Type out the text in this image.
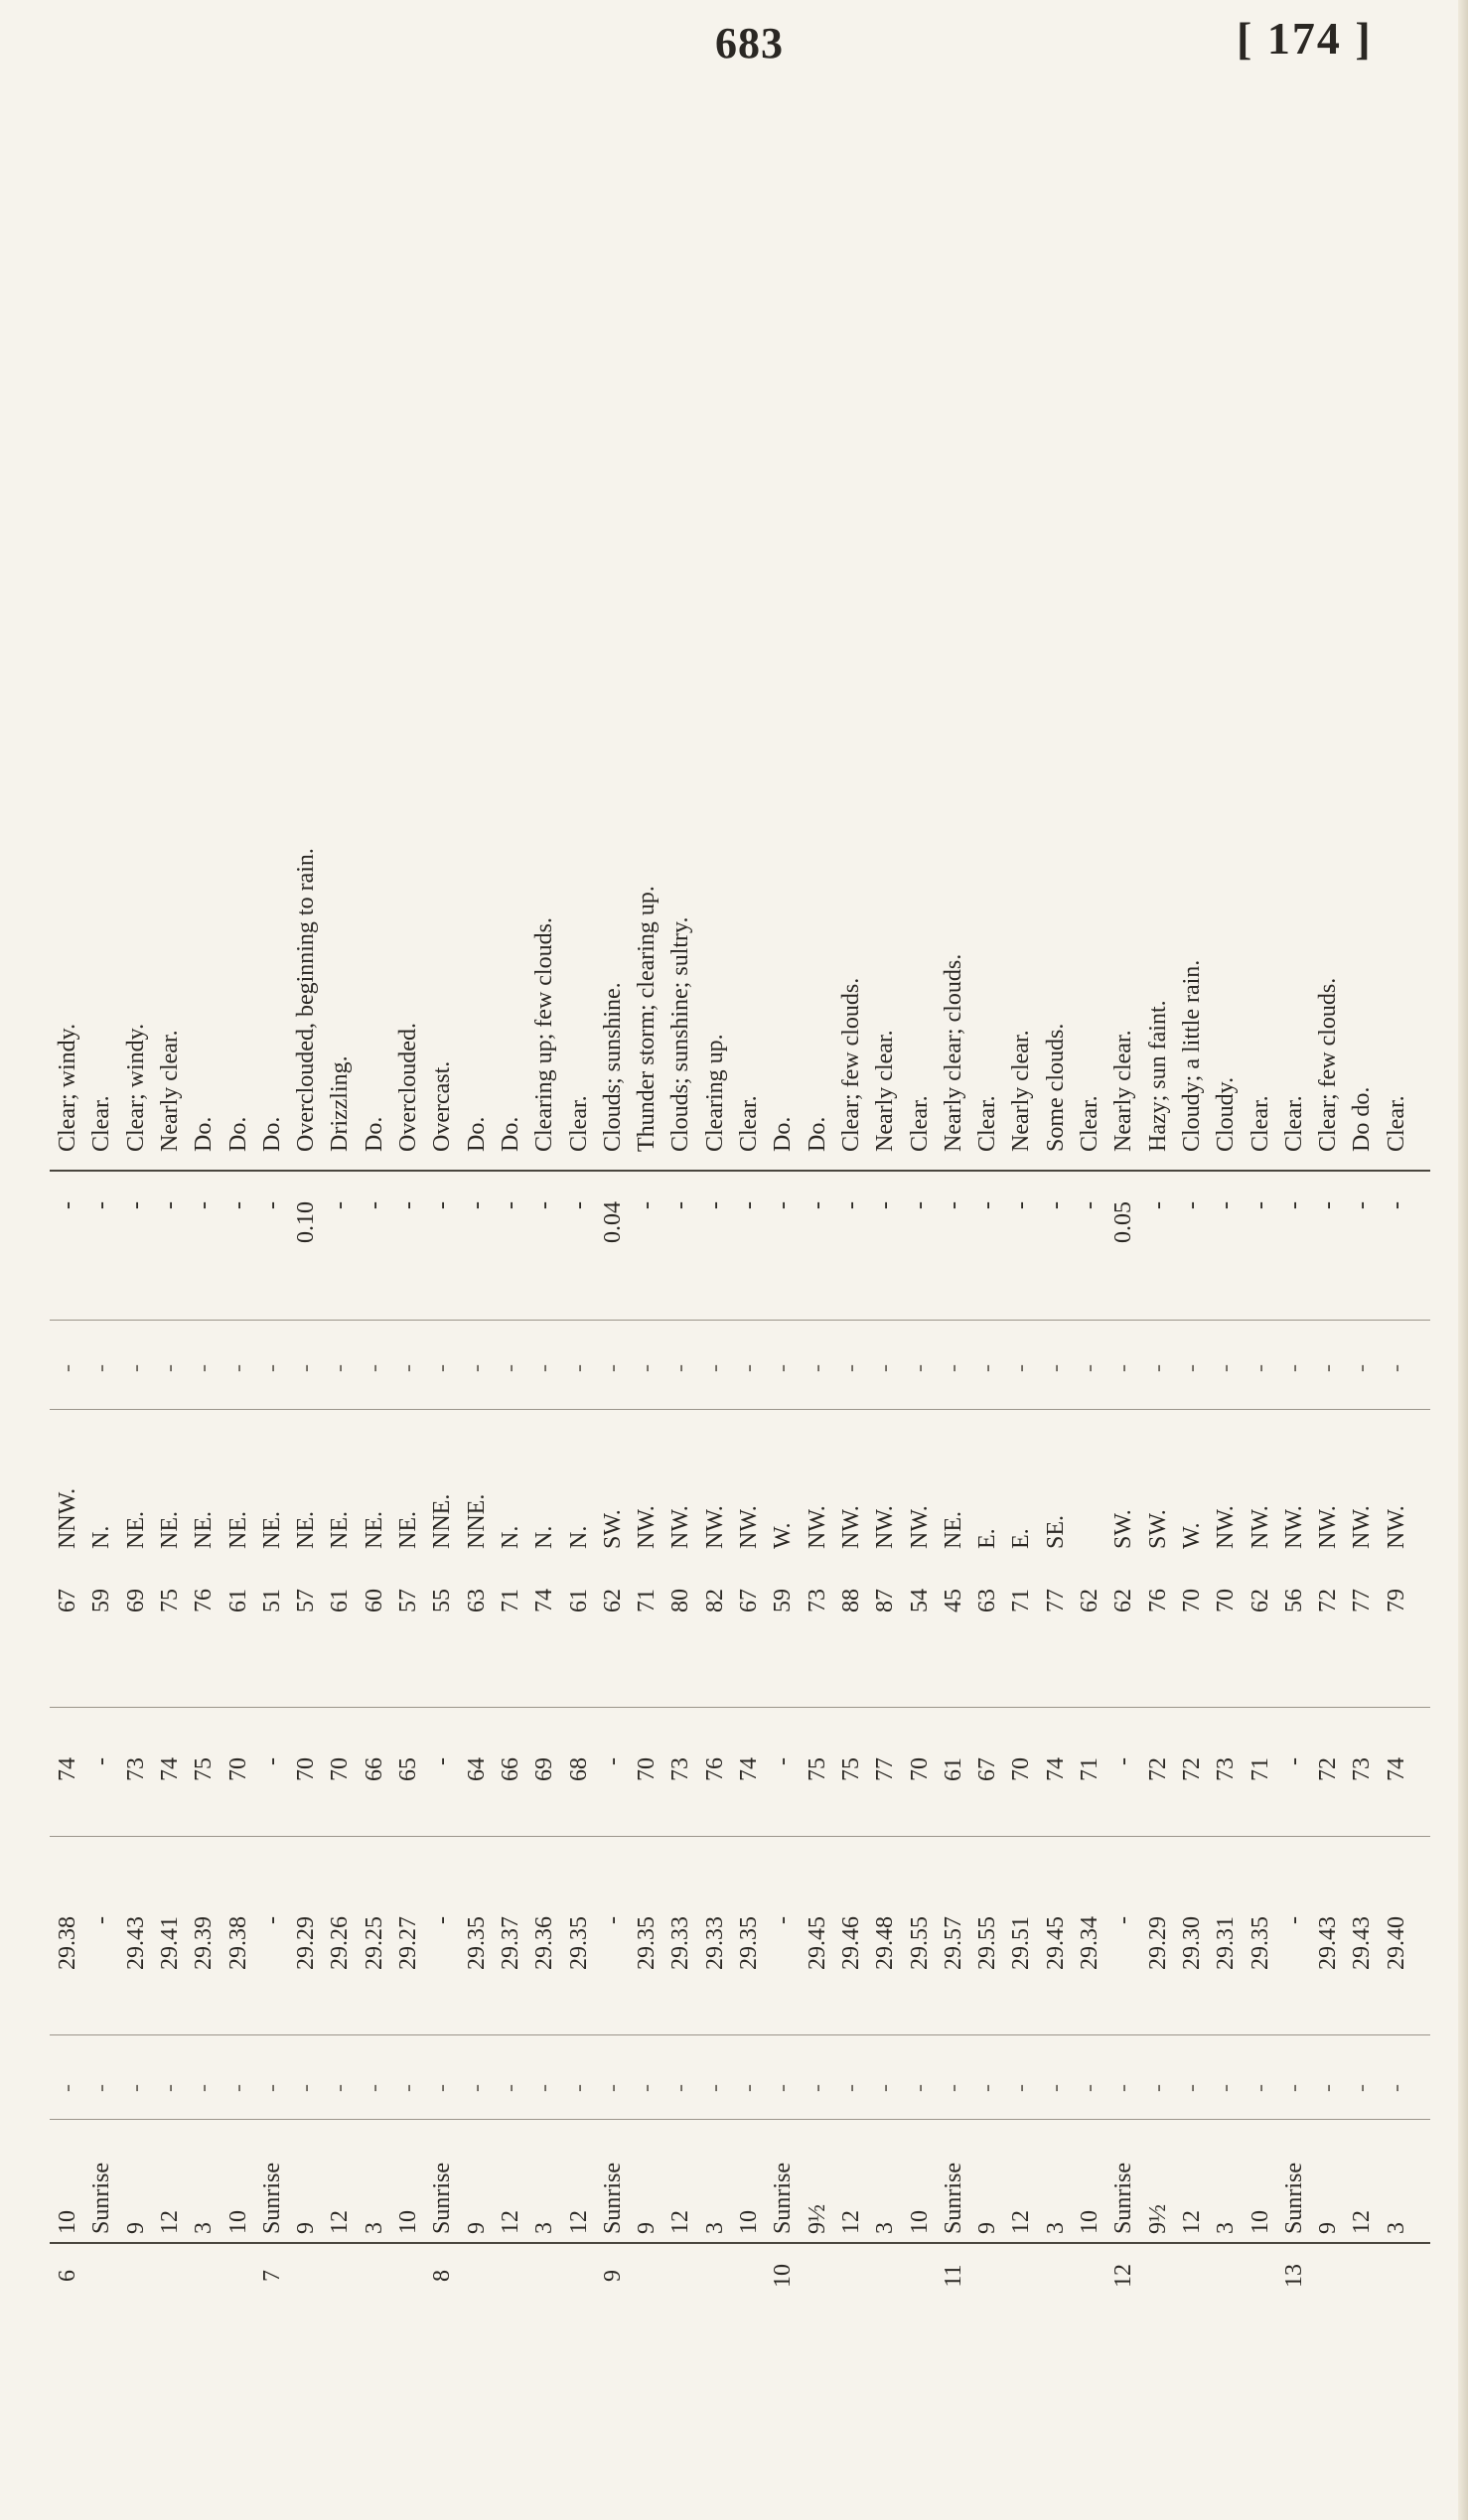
683	[ 174 ]
6
10
-
29.38
74
67
NNW.
-
-
Clear; windy.
Sunrise
-
-
-
59
N.
-
-
Clear.
9
-
29.43
73
69
NE.
-
-
Clear; windy.
12
-
29.41
74
75
NE.
-
-
Nearly clear.
3
-
29.39
75
76
NE.
-
-
Do.
10
-
29.38
70
61
NE.
-
-
Do.
7
Sunrise
-
-
-
51
NE.
-
-
Do.
9
-
29.29
70
57
NE.
-
0.10
Overclouded, beginning to rain.
12
-
29.26
70
61
NE.
-
-
Drizzling.
3
-
29.25
66
60
NE.
-
-
Do.
10
-
29.27
65
57
NE.
-
-
Overclouded.
8
Sunrise
-
-
-
55
NNE.
-
-
Overcast.
9
-
29.35
64
63
NNE.
-
-
Do.
12
-
29.37
66
71
N.
-
-
Do.
3
-
29.36
69
74
N.
-
-
Clearing up; few clouds.
12
-
29.35
68
61
N.
-
-
Clear.
9
Sunrise
-
-
-
62
SW.
-
0.04
Clouds; sunshine.
9
-
29.35
70
71
NW.
-
-
Thunder storm; clearing up.
12
-
29.33
73
80
NW.
-
-
Clouds; sunshine; sultry.
3
-
29.33
76
82
NW.
-
-
Clearing up.
10
-
29.35
74
67
NW.
-
-
Clear.
10
Sunrise
-
-
-
59
W.
-
-
Do.
9½
-
29.45
75
73
NW.
-
-
Do.
12
-
29.46
75
88
NW.
-
-
Clear; few clouds.
3
-
29.48
77
87
NW.
-
-
Nearly clear.
10
-
29.55
70
54
NW.
-
-
Clear.
11
Sunrise
-
29.57
61
45
NE.
-
-
Nearly clear; clouds.
9
-
29.55
67
63
E.
-
-
Clear.
12
-
29.51
70
71
E.
-
-
Nearly clear.
3
-
29.45
74
77
SE.
-
-
Some clouds.
10
-
29.34
71
62
-
-
Clear.
12
Sunrise
-
-
-
62
SW.
-
0.05
Nearly clear.
9½
-
29.29
72
76
SW.
-
-
Hazy; sun faint.
12
-
29.30
72
70
W.
-
-
Cloudy; a little rain.
3
-
29.31
73
70
NW.
-
-
Cloudy.
10
-
29.35
71
62
NW.
-
-
Clear.
13
Sunrise
-
-
-
56
NW.
-
-
Clear.
9
-
29.43
72
72
NW.
-
-
Clear; few clouds.
12
-
29.43
73
77
NW.
-
-
Do do.
3
-
29.40
74
79
NW.
-
-
Clear.
